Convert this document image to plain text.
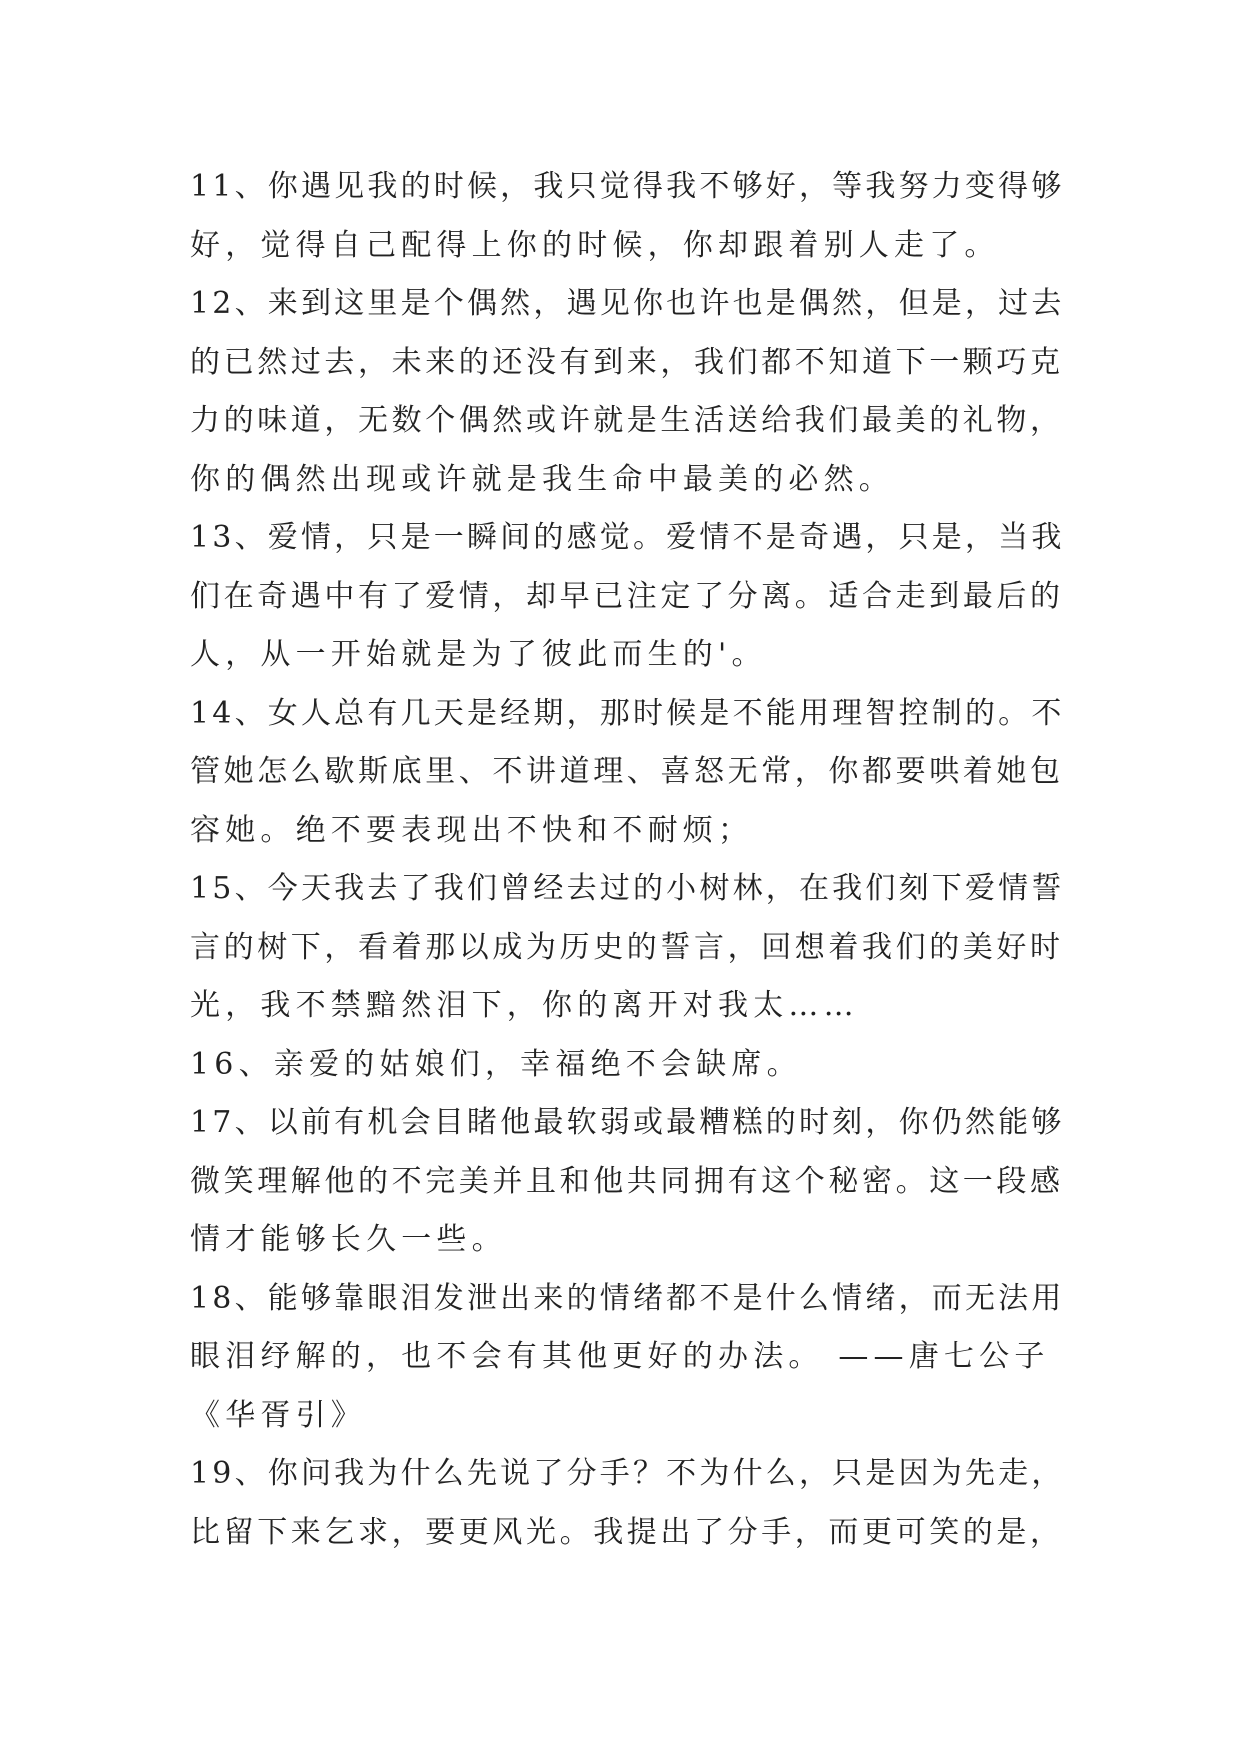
11、你遇见我的时候，我只觉得我不够好，等我努力变得够
好，觉得自己配得上你的时候，你却跟着别人走了。
12、来到这里是个偶然，遇见你也许也是偶然，但是，过去
的已然过去，未来的还没有到来，我们都不知道下一颗巧克
力的味道，无数个偶然或许就是生活送给我们最美的礼物，
你的偶然出现或许就是我生命中最美的必然。
13、爱情，只是一瞬间的感觉。爱情不是奇遇，只是，当我
们在奇遇中有了爱情，却早已注定了分离。适合走到最后的
人，从一开始就是为了彼此而生的'。
14、女人总有几天是经期，那时候是不能用理智控制的。不
管她怎么歇斯底里、不讲道理、喜怒无常，你都要哄着她包
容她。绝不要表现出不快和不耐烦；
15、今天我去了我们曾经去过的小树林，在我们刻下爱情誓
言的树下，看着那以成为历史的誓言，回想着我们的美好时
光，我不禁黯然泪下，你的离开对我太……
16、亲爱的姑娘们，幸福绝不会缺席。
17、以前有机会目睹他最软弱或最糟糕的时刻，你仍然能够
微笑理解他的不完美并且和他共同拥有这个秘密。这一段感
情才能够长久一些。
18、能够靠眼泪发泄出来的情绪都不是什么情绪，而无法用
眼泪纾解的，也不会有其他更好的办法。 ——唐七公子
《华胥引》
19、你问我为什么先说了分手？不为什么，只是因为先走，
比留下来乞求，要更风光。我提出了分手，而更可笑的是，
